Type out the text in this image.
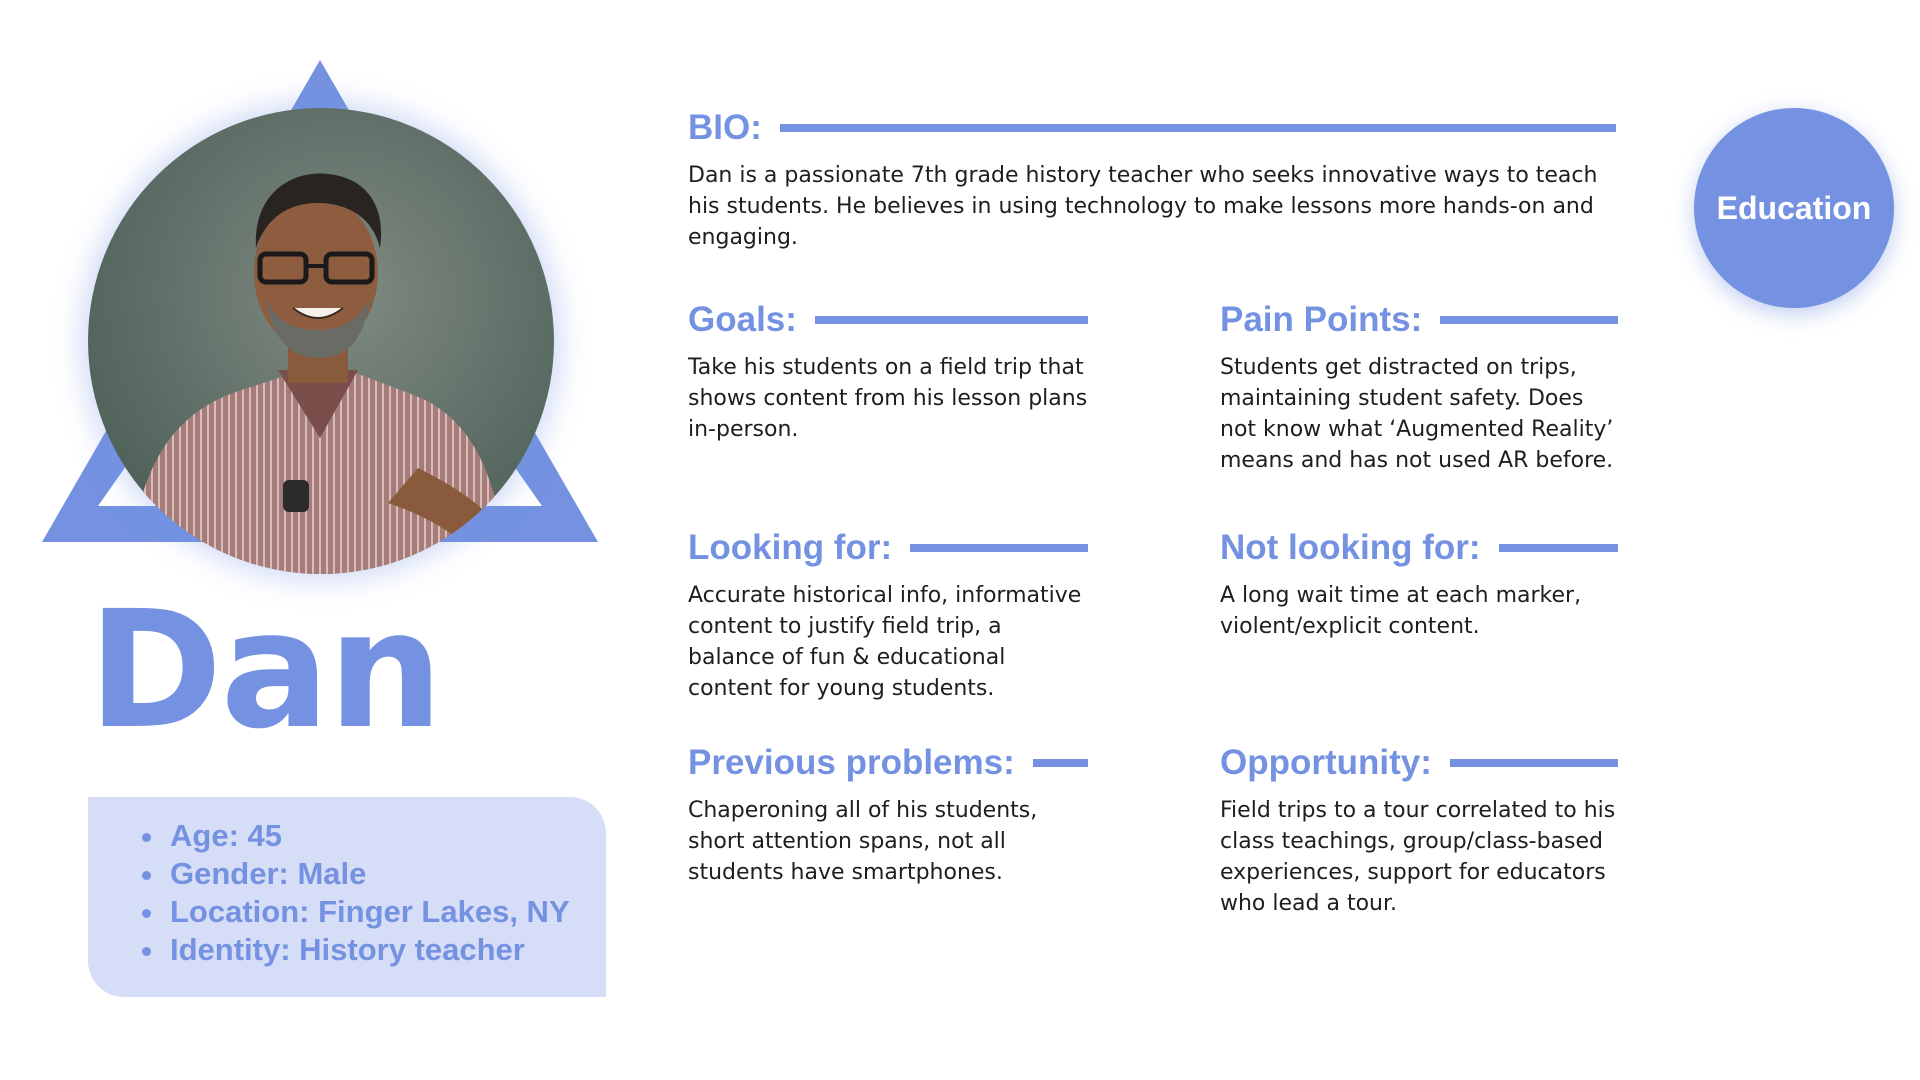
Dan
Age: 45
Gender: Male
Location: Finger Lakes, NY
Identity: History teacher
BIO:

Dan is a passionate 7th grade history teacher who seeks innovative ways to teach his students. He believes in using technology to make lessons more hands-on and engaging.

Education
Goals:

Take his students on a field trip that shows content from his lesson plans in-person.

Pain Points:

Students get distracted on trips, maintaining student safety. Does not know what ‘Augmented Reality’ means and has not used AR before.

Looking for:

Accurate historical info, informative content to justify field trip, a balance of fun & educational content for young students.

Not looking for:

A long wait time at each marker, violent/explicit content.

Previous problems:

Chaperoning all of his students, short attention spans, not all students have smartphones.

Opportunity:

Field trips to a tour correlated to his class teachings, group/class-based experiences, support for educators who lead a tour.
